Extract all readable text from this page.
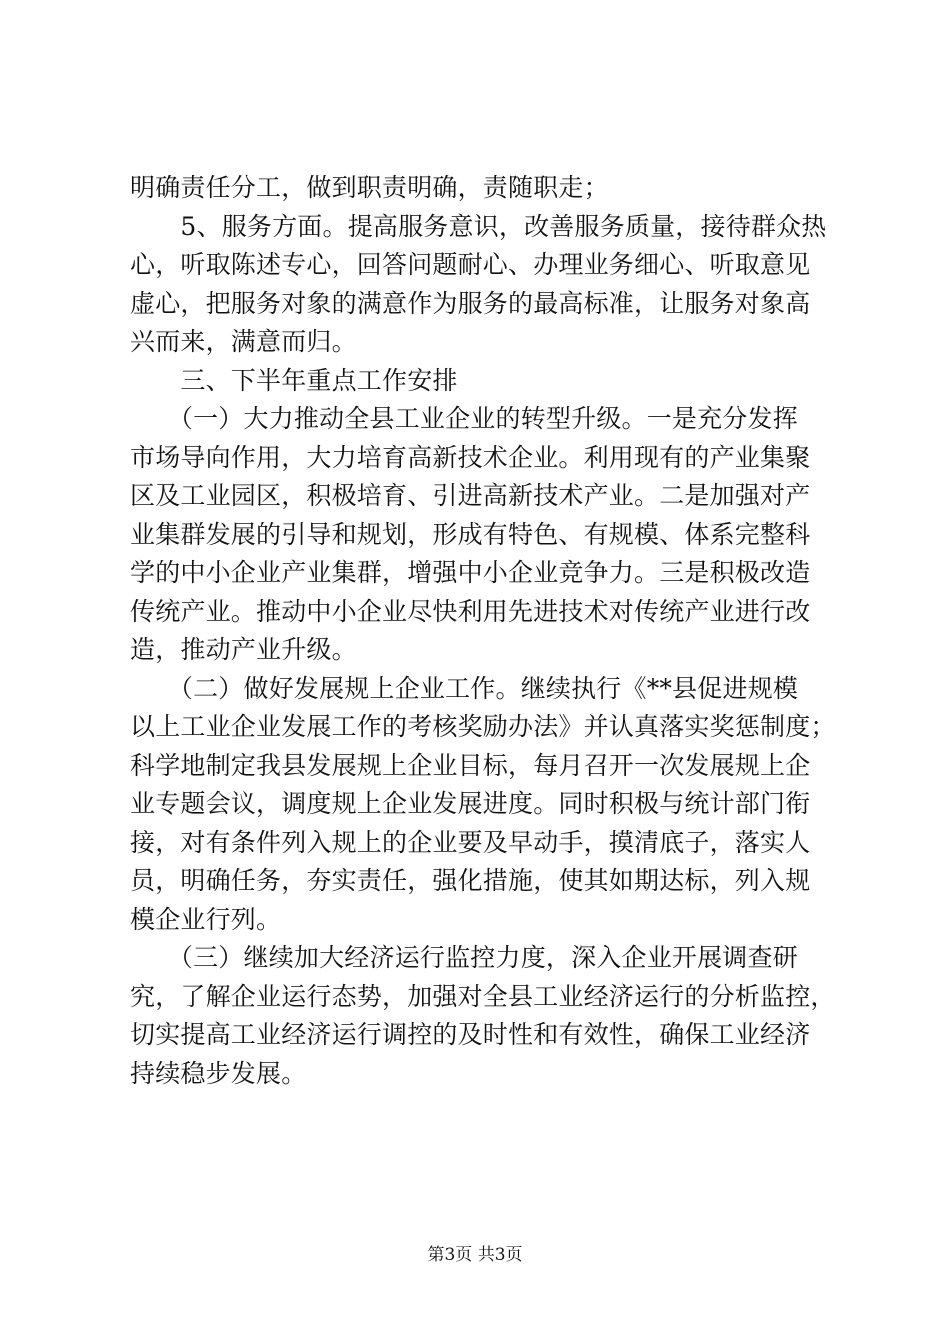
明确责任分工，做到职责明确，责随职走；
　　5、服务方面。提高服务意识，改善服务质量，接待群众热
心，听取陈述专心，回答问题耐心、办理业务细心、听取意见
虚心，把服务对象的满意作为服务的最高标准，让服务对象高
兴而来，满意而归。
　　三、下半年重点工作安排
　　（一）大力推动全县工业企业的转型升级。一是充分发挥
市场导向作用，大力培育高新技术企业。利用现有的产业集聚
区及工业园区，积极培育、引进高新技术产业。二是加强对产
业集群发展的引导和规划，形成有特色、有规模、体系完整科
学的中小企业产业集群，增强中小企业竞争力。三是积极改造
传统产业。推动中小企业尽快利用先进技术对传统产业进行改
造，推动产业升级。
　　（二）做好发展规上企业工作。继续执行《**县促进规模
以上工业企业发展工作的考核奖励办法》并认真落实奖惩制度；
科学地制定我县发展规上企业目标，每月召开一次发展规上企
业专题会议，调度规上企业发展进度。同时积极与统计部门衔
接，对有条件列入规上的企业要及早动手，摸清底子，落实人
员，明确任务，夯实责任，强化措施，使其如期达标，列入规
模企业行列。
　　（三）继续加大经济运行监控力度，深入企业开展调查研
究，了解企业运行态势，加强对全县工业经济运行的分析监控，
切实提高工业经济运行调控的及时性和有效性，确保工业经济
持续稳步发展。
第3页 共3页
